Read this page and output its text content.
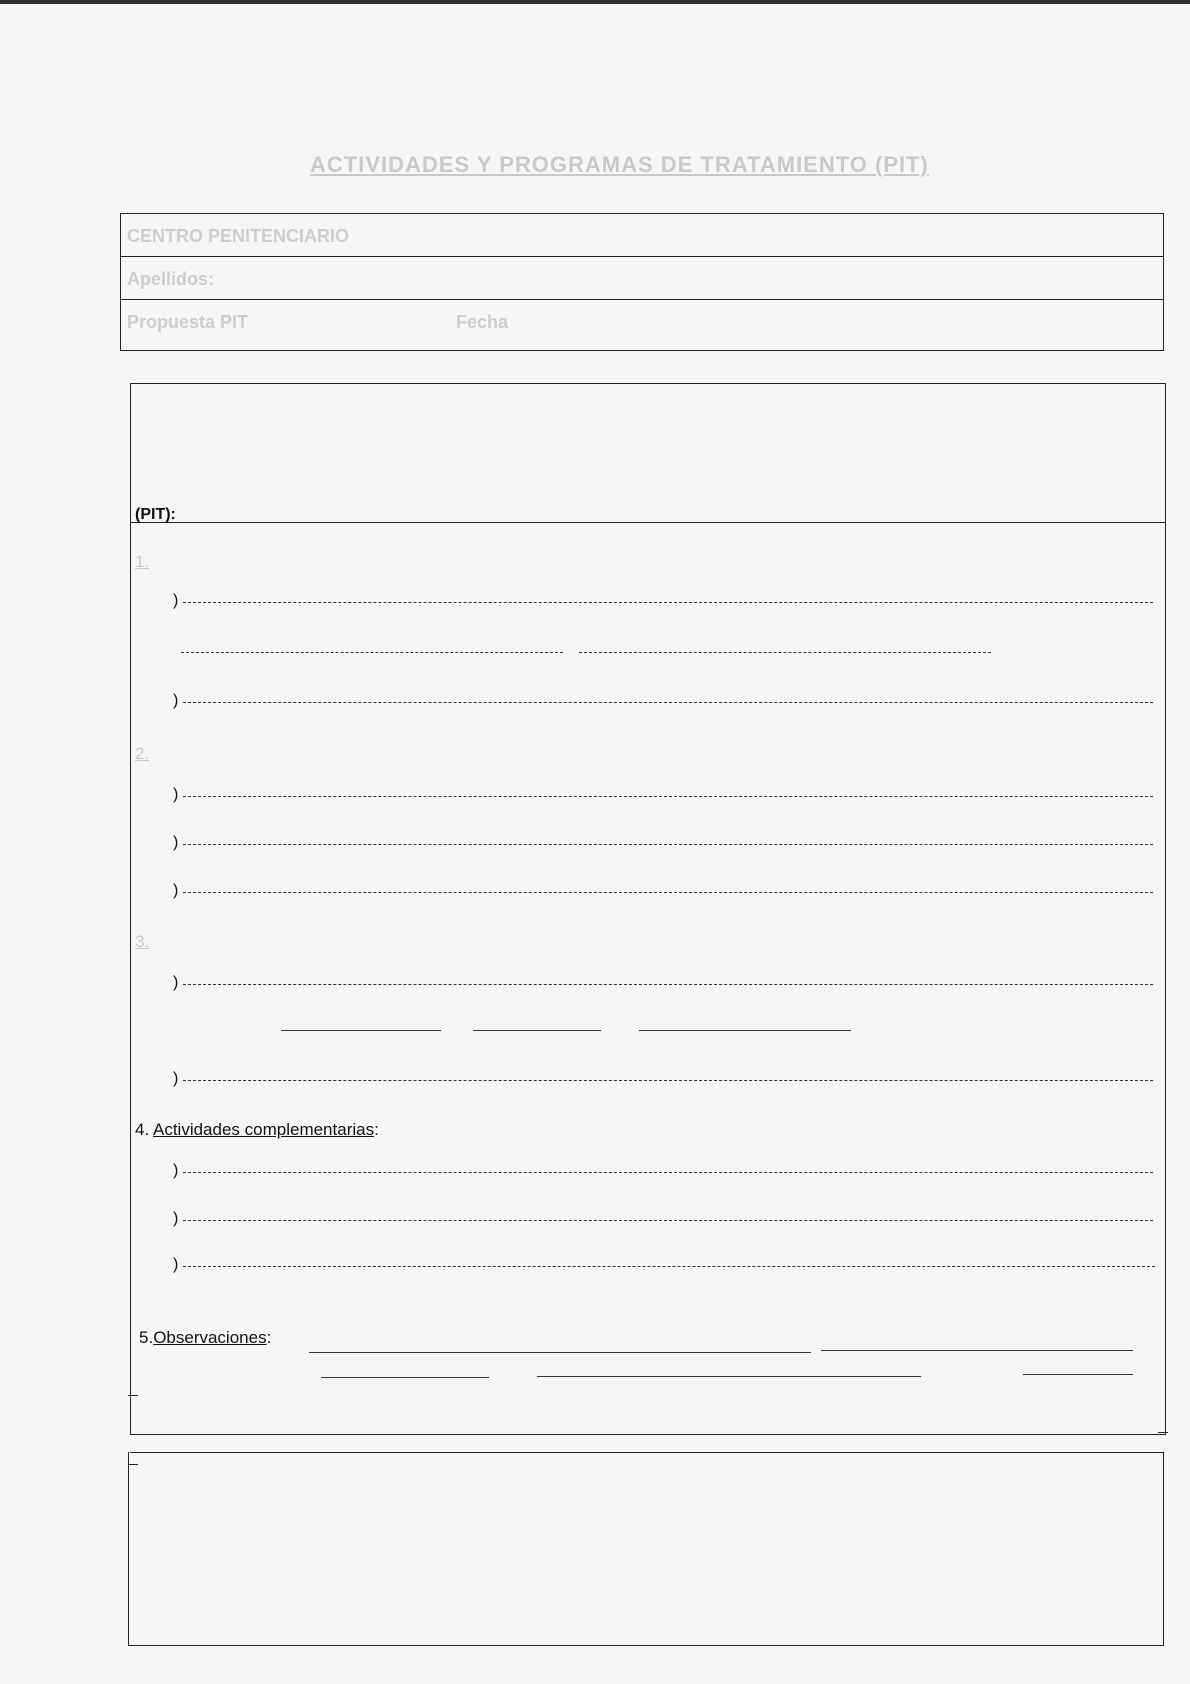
ACTIVIDADES Y PROGRAMAS DE TRATAMIENTO (PIT)
CENTRO PENITENCIARIO
Apellidos:
Propuesta PIT	Fecha
(PIT):
1.
)
)
2.
)
)
)
3.
)
)
4. Actividades complementarias:
)
)
)
5.Observaciones:
